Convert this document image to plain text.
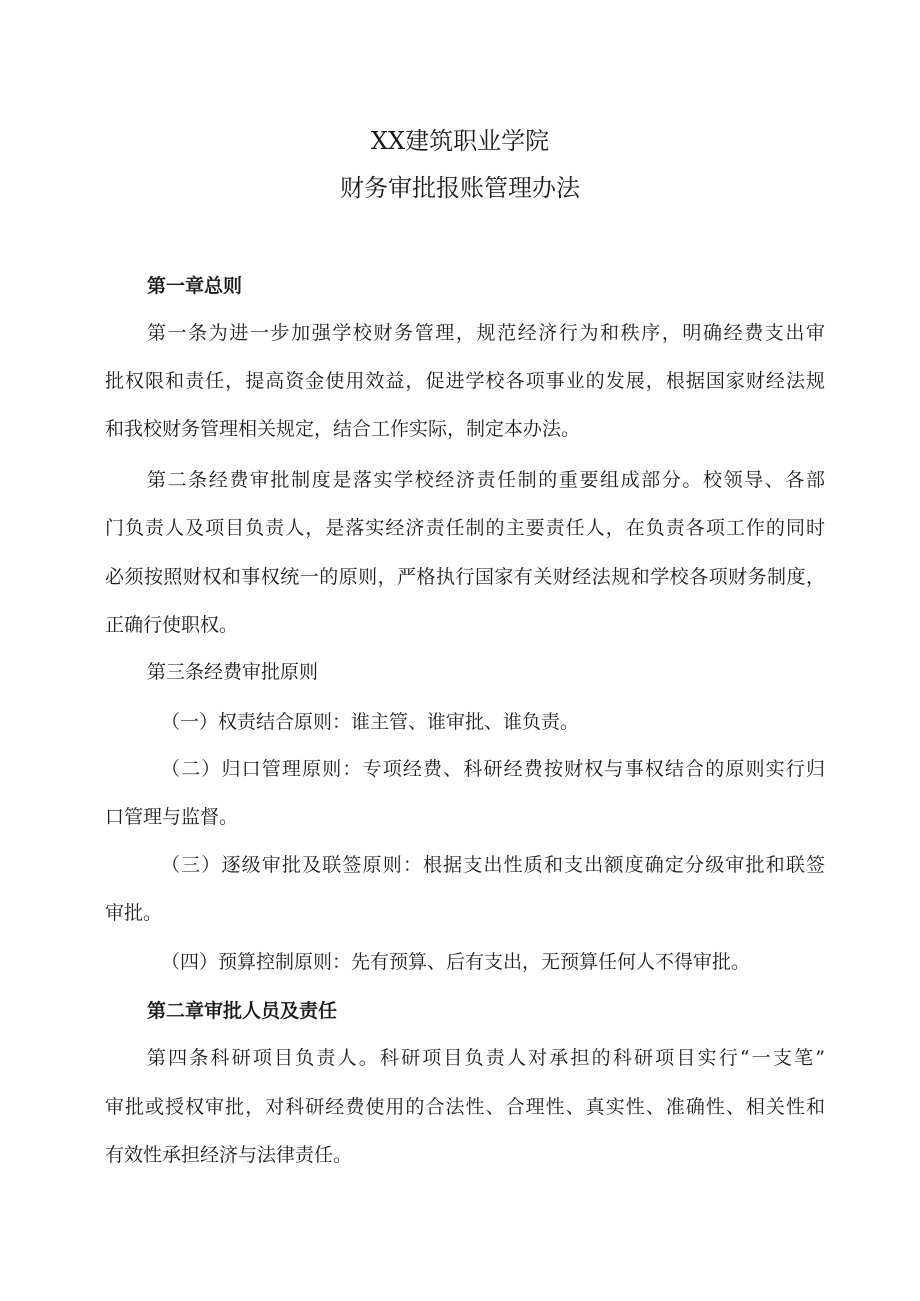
XX建筑职业学院
财务审批报账管理办法

第一章总则

第一条为进一步加强学校财务管理，规范经济行为和秩序，明确经费支出审

批权限和责任，提高资金使用效益，促进学校各项事业的发展，根据国家财经法规

和我校财务管理相关规定，结合工作实际，制定本办法。

第二条经费审批制度是落实学校经济责任制的重要组成部分。校领导、各部

门负责人及项目负责人，是落实经济责任制的主要责任人，在负责各项工作的同时

必须按照财权和事权统一的原则，严格执行国家有关财经法规和学校各项财务制度，

正确行使职权。

第三条经费审批原则

（一）权责结合原则：谁主管、谁审批、谁负责。

（二）归口管理原则：专项经费、科研经费按财权与事权结合的原则实行归

口管理与监督。

（三）逐级审批及联签原则：根据支出性质和支出额度确定分级审批和联签

审批。

（四）预算控制原则：先有预算、后有支出，无预算任何人不得审批。

第二章审批人员及责任

第四条科研项目负责人。科研项目负责人对承担的科研项目实行“一支笔”

审批或授权审批，对科研经费使用的合法性、合理性、真实性、准确性、相关性和

有效性承担经济与法律责任。
